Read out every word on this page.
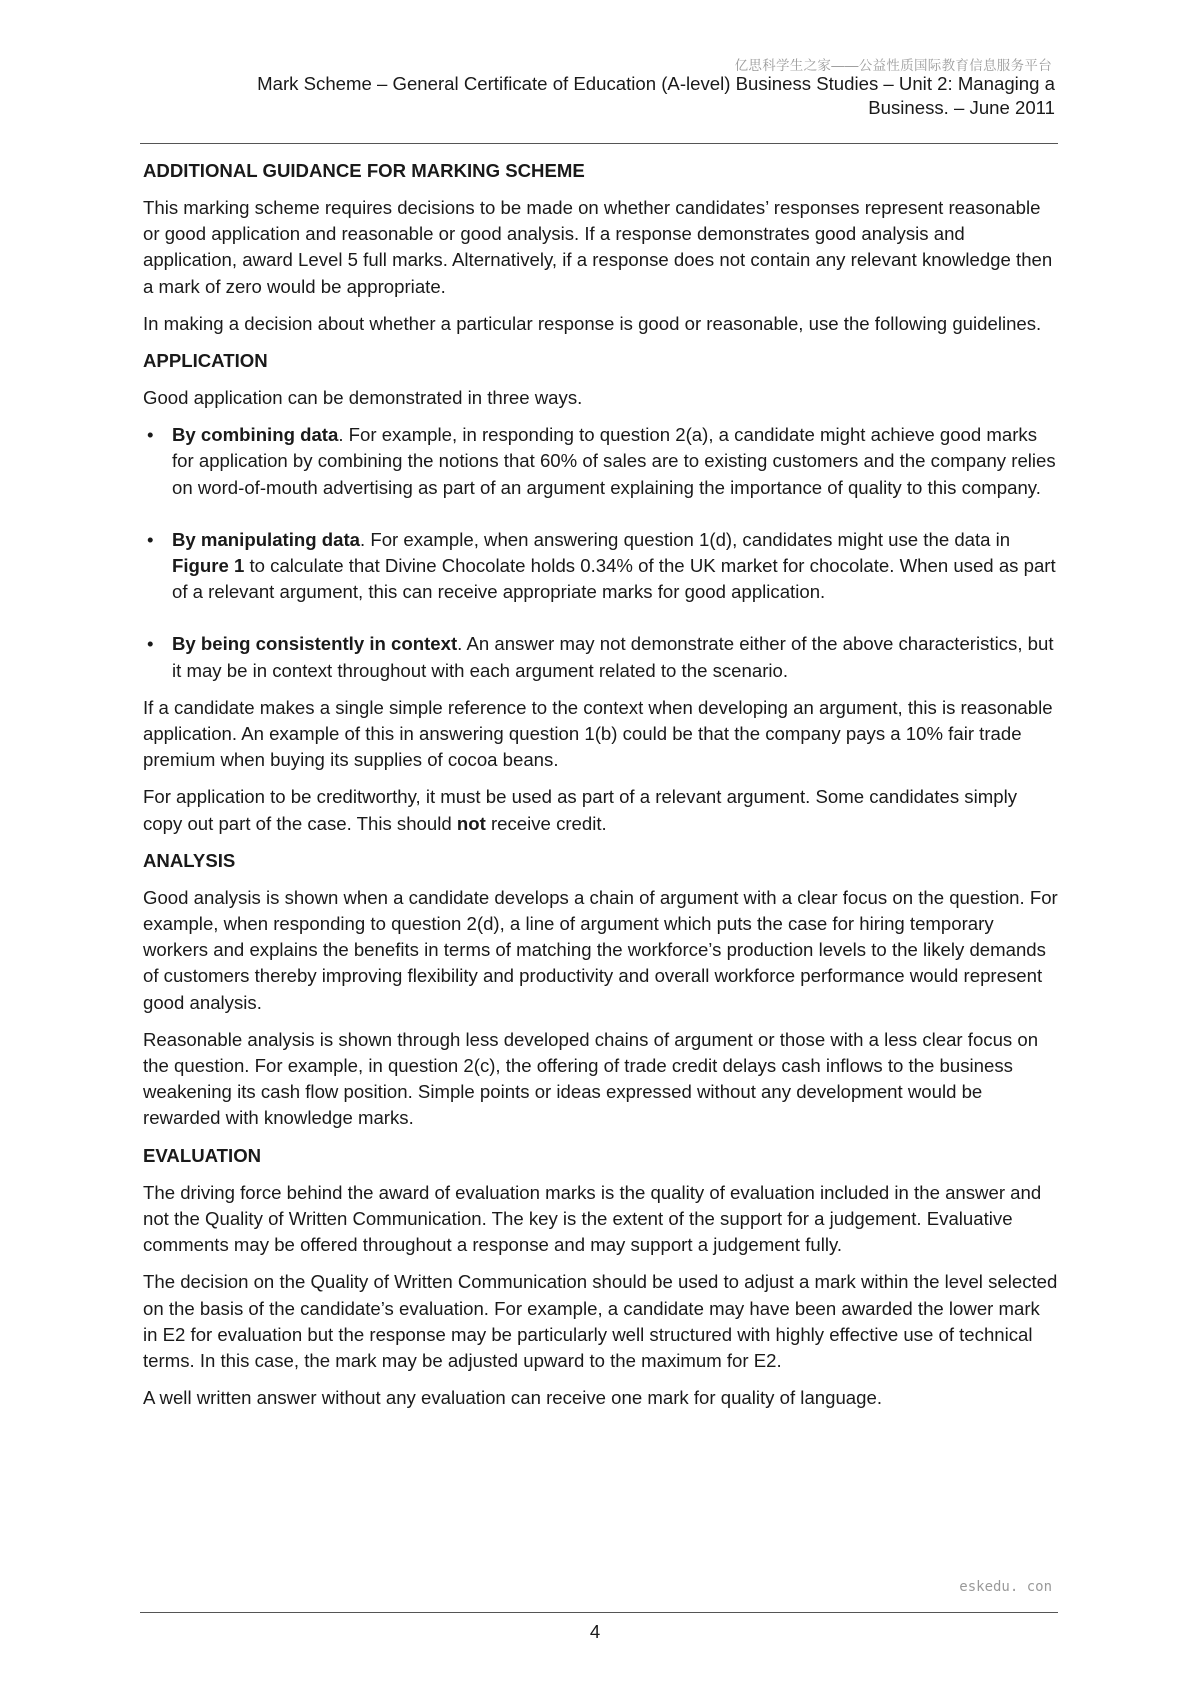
亿思科学生之家——公益性质国际教育信息服务平台
Mark Scheme – General Certificate of Education (A-level) Business Studies – Unit 2: Managing a
Business. – June 2011
ADDITIONAL GUIDANCE FOR MARKING SCHEME

This marking scheme requires decisions to be made on whether candidates’ responses represent reasonable or good application and reasonable or good analysis. If a response demonstrates good analysis and application, award Level 5 full marks. Alternatively, if a response does not contain any relevant knowledge then a mark of zero would be appropriate.

In making a decision about whether a particular response is good or reasonable, use the following guidelines.

APPLICATION

Good application can be demonstrated in three ways.

• By combining data. For example, in responding to question 2(a), a candidate might achieve good marks for application by combining the notions that 60% of sales are to existing customers and the company relies on word-of-mouth advertising as part of an argument explaining the importance of quality to this company.
• By manipulating data. For example, when answering question 1(d), candidates might use the data in Figure 1 to calculate that Divine Chocolate holds 0.34% of the UK market for chocolate. When used as part of a relevant argument, this can receive appropriate marks for good application.
• By being consistently in context. An answer may not demonstrate either of the above characteristics, but it may be in context throughout with each argument related to the scenario.

If a candidate makes a single simple reference to the context when developing an argument, this is reasonable application. An example of this in answering question 1(b) could be that the company pays a 10% fair trade premium when buying its supplies of cocoa beans.

For application to be creditworthy, it must be used as part of a relevant argument. Some candidates simply copy out part of the case. This should not receive credit.

ANALYSIS

Good analysis is shown when a candidate develops a chain of argument with a clear focus on the question. For example, when responding to question 2(d), a line of argument which puts the case for hiring temporary workers and explains the benefits in terms of matching the workforce’s production levels to the likely demands of customers thereby improving flexibility and productivity and overall workforce performance would represent good analysis.

Reasonable analysis is shown through less developed chains of argument or those with a less clear focus on the question. For example, in question 2(c), the offering of trade credit delays cash inflows to the business weakening its cash flow position. Simple points or ideas expressed without any development would be rewarded with knowledge marks.

EVALUATION

The driving force behind the award of evaluation marks is the quality of evaluation included in the answer and not the Quality of Written Communication. The key is the extent of the support for a judgement. Evaluative comments may be offered throughout a response and may support a judgement fully.

The decision on the Quality of Written Communication should be used to adjust a mark within the level selected on the basis of the candidate’s evaluation. For example, a candidate may have been awarded the lower mark in E2 for evaluation but the response may be particularly well structured with highly effective use of technical terms. In this case, the mark may be adjusted upward to the maximum for E2.

A well written answer without any evaluation can receive one mark for quality of language.

eskedu. con
4
